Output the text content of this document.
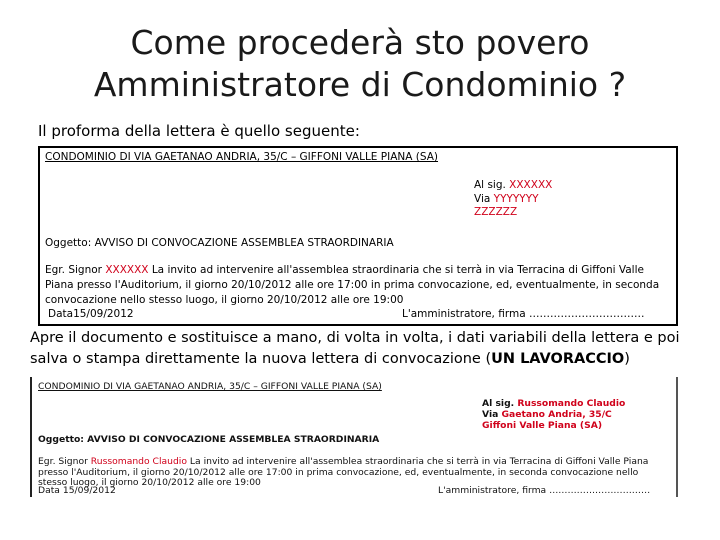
Come procederà sto povero
Amministratore di Condominio ?
Il proforma della lettera è quello seguente:
CONDOMINIO DI VIA GAETANAO ANDRIA, 35/C – GIFFONI VALLE PIANA (SA)
Al sig. XXXXXX
Via YYYYYYY
ZZZZZZ
Oggetto: AVVISO DI CONVOCAZIONE ASSEMBLEA STRAORDINARIA
Egr. Signor XXXXXX La invito ad intervenire all'assemblea straordinaria che si terrà in via Terracina di Giffoni Valle Piana presso l'Auditorium, il giorno 20/10/2012 alle ore 17:00 in prima convocazione, ed, eventualmente, in seconda convocazione nello stesso luogo, il giorno 20/10/2012 alle ore 19:00
Data15/09/2012	L'amministratore, firma ……………………………
Apre il documento e sostituisce a mano, di volta in volta, i dati variabili della lettera e poi salva o stampa direttamente la nuova lettera di convocazione (UN LAVORACCIO)
CONDOMINIO DI VIA GAETANAO ANDRIA, 35/C – GIFFONI VALLE PIANA (SA)
Al sig. Russomando Claudio
Via Gaetano Andria, 35/C
Giffoni Valle Piana (SA)
Oggetto: AVVISO DI CONVOCAZIONE ASSEMBLEA STRAORDINARIA
Egr. Signor Russomando Claudio La invito ad intervenire all'assemblea straordinaria che si terrà in via Terracina di Giffoni Valle Piana presso l'Auditorium, il giorno 20/10/2012 alle ore 17:00 in prima convocazione, ed, eventualmente, in seconda convocazione nello stesso luogo, il giorno 20/10/2012 alle ore 19:00
Data 15/09/2012	L'amministratore, firma ……………………………
